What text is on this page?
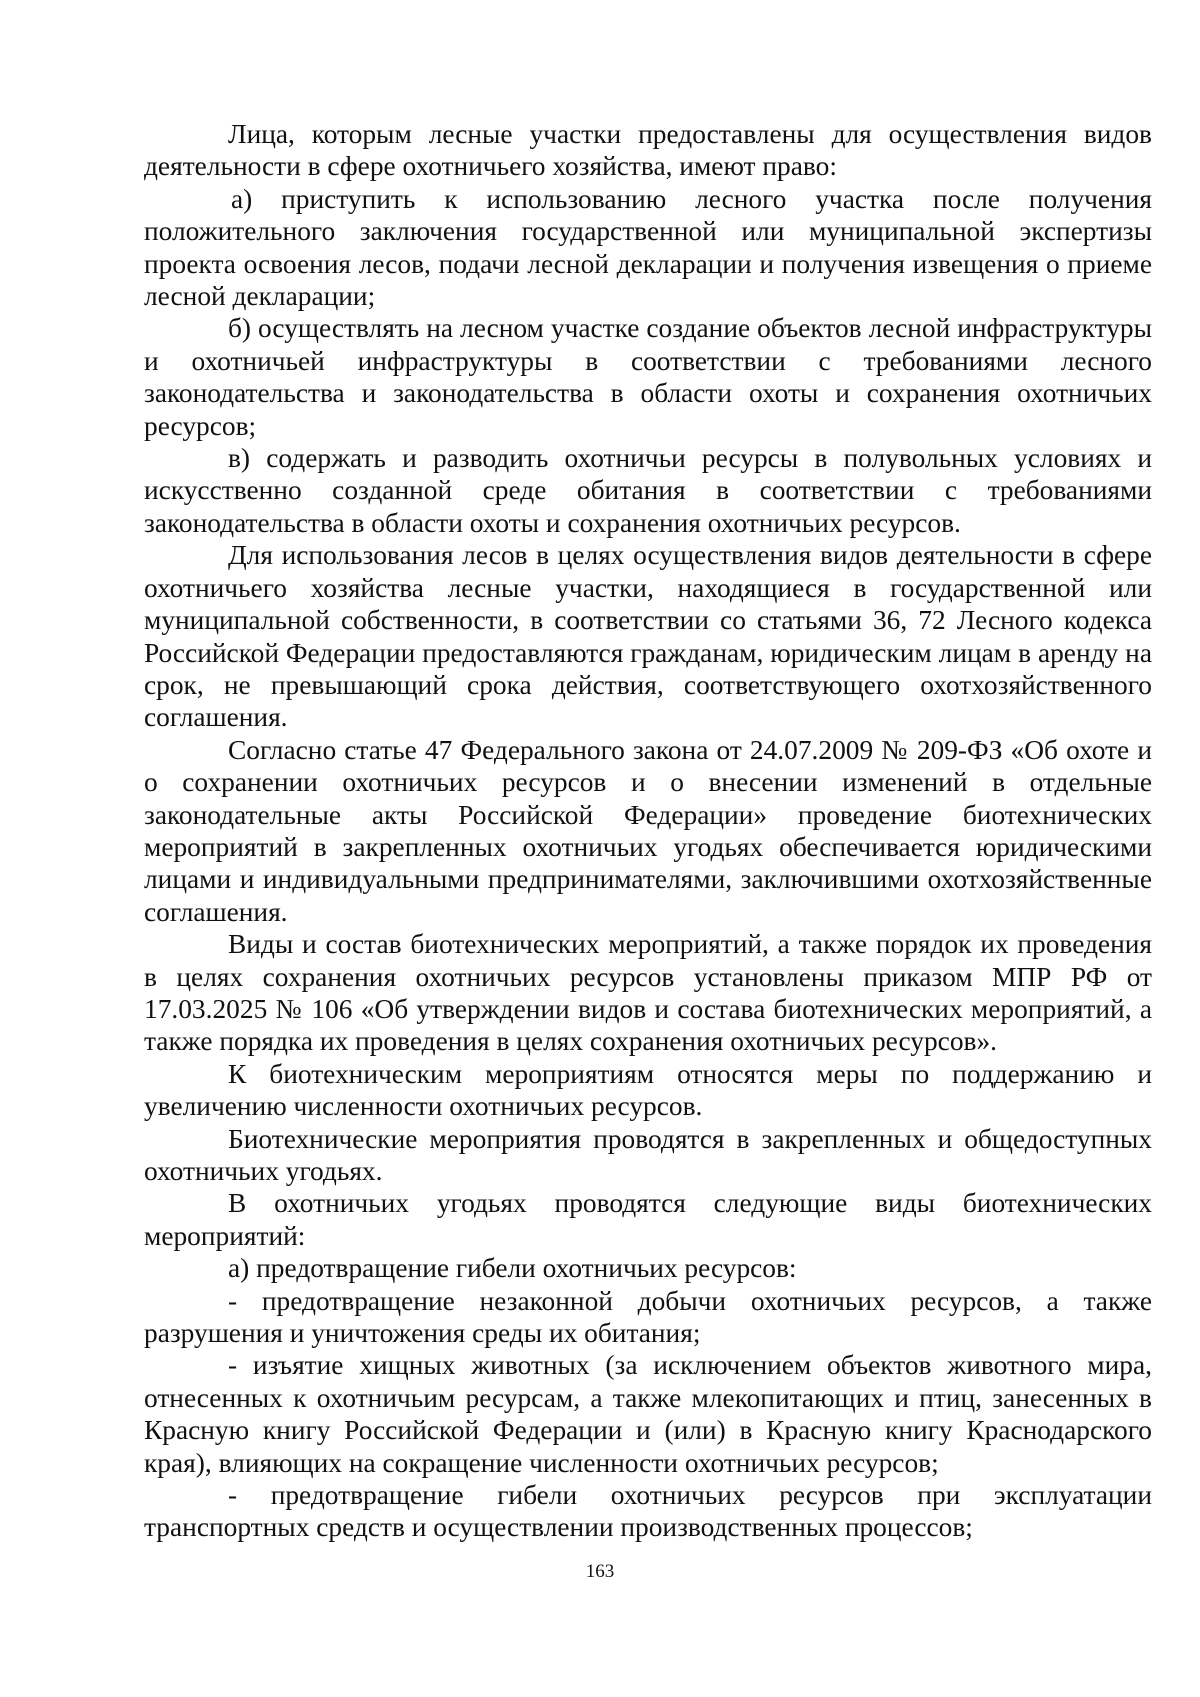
Лица, которым лесные участки предоставлены для осуществления видов деятельности в сфере охотничьего хозяйства, имеют право:

а) приступить к использованию лесного участка после получения положительного заключения государственной или муниципальной экспертизы проекта освоения лесов, подачи лесной декларации и получения извещения о приеме лесной декларации;

б) осуществлять на лесном участке создание объектов лесной инфраструктуры и охотничьей инфраструктуры в соответствии с требованиями лесного законодательства и законодательства в области охоты и сохранения охотничьих ресурсов;

в) содержать и разводить охотничьи ресурсы в полувольных условиях и искусственно созданной среде обитания в соответствии с требованиями законодательства в области охоты и сохранения охотничьих ресурсов.

Для использования лесов в целях осуществления видов деятельности в сфере охотничьего хозяйства лесные участки, находящиеся в государственной или муниципальной собственности, в соответствии со статьями 36, 72 Лесного кодекса Российской Федерации предоставляются гражданам, юридическим лицам в аренду на срок, не превышающий срока действия, соответствующего охотхозяйственного соглашения.

Согласно статье 47 Федерального закона от 24.07.2009 № 209-ФЗ «Об охоте и о сохранении охотничьих ресурсов и о внесении изменений в отдельные законодательные акты Российской Федерации» проведение биотехнических мероприятий в закрепленных охотничьих угодьях обеспечивается юридическими лицами и индивидуальными предпринимателями, заключившими охотхозяйственные соглашения.

Виды и состав биотехнических мероприятий, а также порядок их проведения в целях сохранения охотничьих ресурсов установлены приказом МПР РФ от 17.03.2025 № 106 «Об утверждении видов и состава биотехнических мероприятий, а также порядка их проведения в целях сохранения охотничьих ресурсов».

К биотехническим мероприятиям относятся меры по поддержанию и увеличению численности охотничьих ресурсов.

Биотехнические мероприятия проводятся в закрепленных и общедоступных охотничьих угодьях.

В охотничьих угодьях проводятся следующие виды биотехнических мероприятий:

а) предотвращение гибели охотничьих ресурсов:

- предотвращение незаконной добычи охотничьих ресурсов, а также разрушения и уничтожения среды их обитания;

- изъятие хищных животных (за исключением объектов животного мира, отнесенных к охотничьим ресурсам, а также млекопитающих и птиц, занесенных в Красную книгу Российской Федерации и (или) в Красную книгу Краснодарского края), влияющих на сокращение численности охотничьих ресурсов;

- предотвращение гибели охотничьих ресурсов при эксплуатации транспортных средств и осуществлении производственных процессов;

163
